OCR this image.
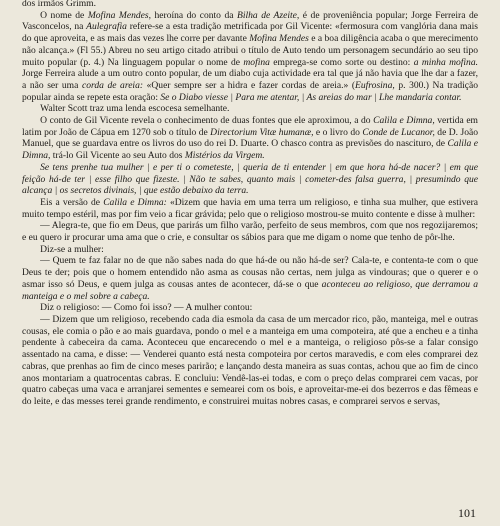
dos irmãos Grimm.

O nome de Mofina Mendes, heroína do conto da Bilha de Azeite, é de proveniência popular; Jorge Ferreira de Vasconcelos, na Aulegrafia refere-se a esta tradição metrificada por Gil Vicente: «fermosura com vanglória dana mais do que aproveita, e as mais das vezes lhe corre per davante Mofina Mendes e a boa diligência acaba o que merecimento não alcança.» (Fl 55.) Abreu no seu artigo citado atribui o título de Auto tendo um personagem secundário ao seu tipo muito popular (p. 4.) Na linguagem popular o nome de mofina emprega-se como sorte ou destino: a minha mofina. Jorge Ferreira alude a um outro conto popular, de um diabo cuja actividade era tal que já não havia que lhe dar a fazer, a não ser uma corda de areia: «Quer sempre ser a hidra e fazer cordas de areia.» (Eufrosina, p. 300.) Na tradição popular ainda se repete esta oração: Se o Diabo viesse | Para me atentar, | As areias do mar | Lhe mandaria contar.

Walter Scott traz uma lenda escocesa semelhante.

O conto de Gil Vicente revela o conhecimento de duas fontes que ele aproximou, a do Calila e Dimna, vertida em latim por João de Cápua em 1270 sob o título de Directorium Vitæ humanæ, e o livro do Conde de Lucanor, de D. João Manuel, que se guardava entre os livros do uso do rei D. Duarte. O chasco contra as previsões do nascituro, de Calila e Dimna, trá-lo Gil Vicente ao seu Auto dos Mistérios da Virgem.

Se tens prenhe tua mulher | e per ti o cometeste, | queria de ti entender | em que hora há-de nacer? | em que feição há-de ter | esse filho que fizeste. | Não te sabes, quanto mais | cometer-des falsa guerra, | presumindo que alcança | os secretos divinais, | que estão debaixo da terra.

Eis a versão de Calila e Dimna: «Dizem que havia em uma terra um religioso, e tinha sua mulher, que estivera muito tempo estéril, mas por fim veio a ficar grávida; pelo que o religioso mostrou-se muito contente e disse à mulher:

— Alegra-te, que fio em Deus, que parirás um filho varão, perfeito de seus membros, com que nos regozijaremos; e eu quero ir procurar uma ama que o crie, e consultar os sábios para que me digam o nome que tenho de pôr-lhe.

Diz-se a mulher:

— Quem te faz falar no de que não sabes nada do que há-de ou não há-de ser? Cala-te, e contenta-te com o que Deus te der; pois que o homem entendido não asma as cousas não certas, nem julga as vindouras; que o querer e o asmar isso só Deus, e quem julga as cousas antes de acontecer, dá-se o que aconteceu ao religioso, que derramou a manteiga e o mel sobre a cabeça.

Diz o religioso: — Como foi isso? — A mulher contou:

— Dizem que um religioso, recebendo cada dia esmola da casa de um mercador rico, pão, manteiga, mel e outras cousas, ele comia o pão e ao mais guardava, pondo o mel e a manteiga em uma compoteira, até que a encheu e a tinha pendente à cabeceira da cama. Aconteceu que encarecendo o mel e a manteiga, o religioso pôs-se a falar consigo assentado na cama, e disse: — Venderei quanto está nesta compoteira por certos maravedis, e com eles comprarei dez cabras, que prenhas ao fim de cinco meses parirão; e lançando desta maneira as suas contas, achou que ao fim de cinco anos montariam a quatrocentas cabras. E concluiu: Vendê-las-ei todas, e com o preço delas comprarei cem vacas, por quatro cabeças uma vaca e arranjarei sementes e semearei com os bois, e aproveitar-me-ei dos bezerros e das fêmeas e do leite, e das messes terei grande rendimento, e construirei muitas nobres casas, e comprarei servos e servas,

101
